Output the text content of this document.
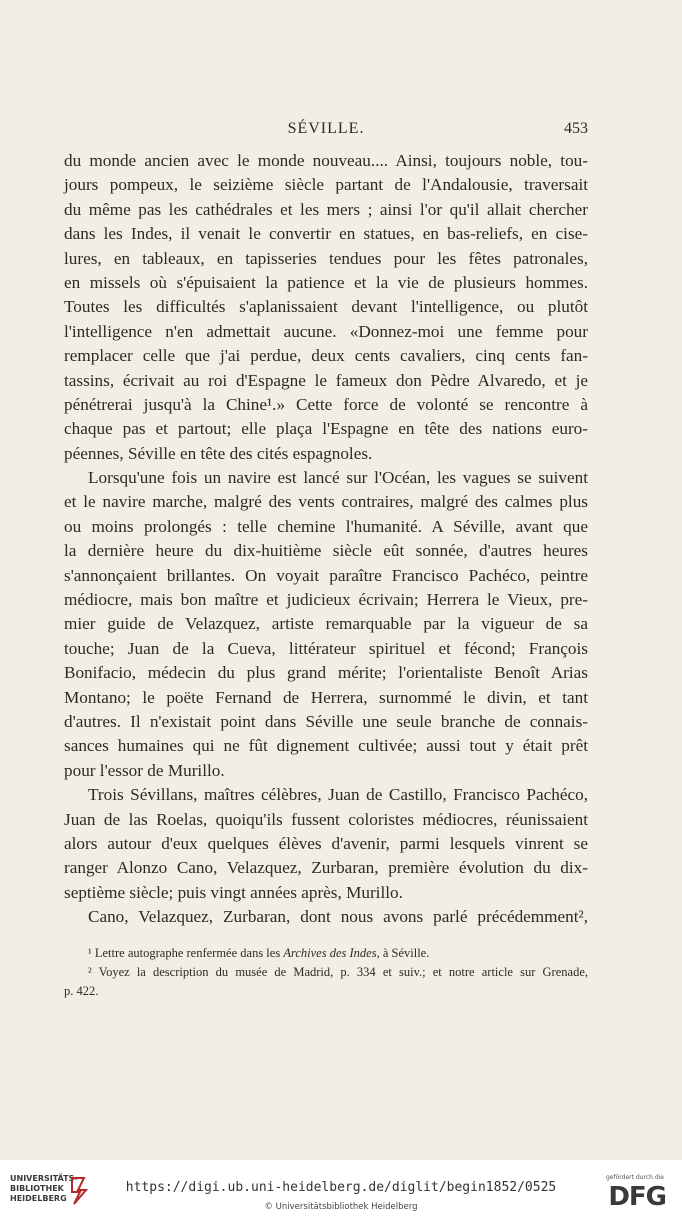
SÉVILLE.	453
du monde ancien avec le monde nouveau.... Ainsi, toujours noble, tou-
jours pompeux, le seizième siècle partant de l'Andalousie, traversait
du même pas les cathédrales et les mers ; ainsi l'or qu'il allait chercher
dans les Indes, il venait le convertir en statues, en bas-reliefs, en cise-
lures, en tableaux, en tapisseries tendues pour les fêtes patronales,
en missels où s'épuisaient la patience et la vie de plusieurs hommes.
Toutes les difficultés s'aplanissaient devant l'intelligence, ou plutôt
l'intelligence n'en admettait aucune. «Donnez-moi une femme pour
remplacer celle que j'ai perdue, deux cents cavaliers, cinq cents fan-
tassins, écrivait au roi d'Espagne le fameux don Pèdre Alvaredo, et je
pénétrerai jusqu'à la Chine¹.» Cette force de volonté se rencontre à
chaque pas et partout; elle plaça l'Espagne en tête des nations euro-
péennes, Séville en tête des cités espagnoles.
Lorsqu'une fois un navire est lancé sur l'Océan, les vagues se suivent
et le navire marche, malgré des vents contraires, malgré des calmes plus
ou moins prolongés : telle chemine l'humanité. A Séville, avant que
la dernière heure du dix-huitième siècle eût sonnée, d'autres heures
s'annonçaient brillantes. On voyait paraître Francisco Pachéco, peintre
médiocre, mais bon maître et judicieux écrivain; Herrera le Vieux, pre-
mier guide de Velazquez, artiste remarquable par la vigueur de sa
touche; Juan de la Cueva, littérateur spirituel et fécond; François
Bonifacio, médecin du plus grand mérite; l'orientaliste Benoît Arias
Montano; le poëte Fernand de Herrera, surnommé le divin, et tant
d'autres. Il n'existait point dans Séville une seule branche de connais-
sances humaines qui ne fût dignement cultivée; aussi tout y était prêt
pour l'essor de Murillo.
Trois Sévillans, maîtres célèbres, Juan de Castillo, Francisco Pachéco,
Juan de las Roelas, quoiqu'ils fussent coloristes médiocres, réunissaient
alors autour d'eux quelques élèves d'avenir, parmi lesquels vinrent se
ranger Alonzo Cano, Velazquez, Zurbaran, première évolution du dix-
septième siècle; puis vingt années après, Murillo.
Cano, Velazquez, Zurbaran, dont nous avons parlé précédemment²,
¹ Lettre autographe renfermée dans les Archives des Indes, à Séville.
² Voyez la description du musée de Madrid, p. 334 et suiv.; et notre article sur Grenade,
p. 422.
UNIVERSITÄTS-
BIBLIOTHEK
HEIDELBERG
https://digi.ub.uni-heidelberg.de/diglit/begin1852/0525
© Universitätsbibliothek Heidelberg
gefördert durch die
DFG
